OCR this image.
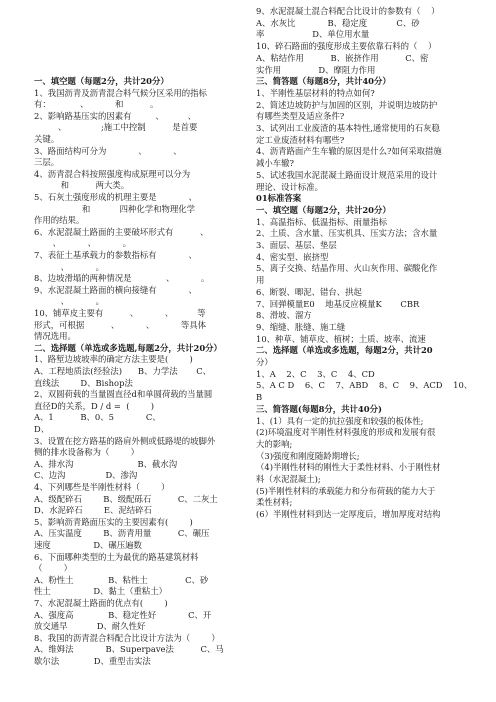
一、填空题（每题2分，共计20分）
1、我国沥青及沥青混合料气候分区采用的指标
有：           、          和          。
2、影响路基压实的因素有         、         、
、             ;施工中控制          是首要
关键。
3、路面结构可分为            、          、
三层。
4、沥青混合料按照强度构成原理可以分为
和          两大类。
5、石灰土强度形成的机理主要是            、
和           四种化学和物理化学
作用的结果。
6、水泥混凝土路面的主要破坏形式有          、
、          、          。
7、表征土基承载力的参数指标有            、
、          。
8、边坡滑塌的两种情况是             、          。
9、水泥混凝土路面的横向接缝有            、
、          。
10、铺草皮主要有          、          、         等
形式，可根据          、          、          等具体
情况选用。
二、选择题（单选或多选题,每题2分，共计20分）
1、路堑边坡坡率的确定方法主要是(        )
A、工程地质法(经验法)      B、力学法       C、
直线法        D、Bishop法
2、双圆荷载的当量圆直径d和单圆荷载的当量圆
直径D的关系，D / d =  (        )
A、1          B、0、5            C、
D、
3、设置在挖方路基的路肩外侧或低路堤的坡脚外
侧的排水设备称为（        ）
A、排水沟                        B、截水沟
C、边沟               D、渗沟
4、下列哪些是半刚性材料（        ）
A、级配碎石        B、级配砾石          C、二灰土
D、水泥碎石        E、泥结碎石
5、影响沥青路面压实的主要因素有(        )
A、压实温度        B、沥青用量          C、碾压
速度                D、碾压遍数
6、下面哪种类型的土为最优的路基建筑材料
（        ）
A、粉性土             B、粘性土              C、砂
性土                D、黏土（重粘土）
7、水泥混凝土路面的优点有(        )
A、强度高             B、稳定性好            C、开
放交通早           D、耐久性好
8、我国的沥青混合料配合比设计方法为（        ）
A、维姆法            B、Superpave法          C、马
歇尔法             D、重型击实法
9、水泥混凝土混合料配合比设计的参数有（    ）
A、水灰比            B、稳定度           C、砂
率                  D、单位用水量
10、碎石路面的强度形成主要依靠石料的（    ）
A、粘结作用          B、嵌挤作用          C、密
实作用              D、摩阻力作用
三、简答题（每题8分，共计40分）
1、半刚性基层材料的特点如何?
2、简述边坡防护与加固的区别，并说明边坡防护
有哪些类型及适应条件?
3、试列出工业废渣的基本特性,通常使用的石灰稳
定工业废渣材料有哪些?
4、沥青路面产生车辙的原因是什么?如何采取措施
减小车辙?
5、试述我国水泥混凝土路面设计规范采用的设计
理论、设计标准。
01标准答案
一、填空题（每题2分，共计20分）
1、高温指标、低温指标、雨量指标
2、土质、含水量、压实机具、压实方法；含水量
3、面层、基层、垫层
4、密实型、嵌挤型
5、离子交换、结晶作用、火山灰作用、碳酸化作
用
6、断裂、唧泥、错台、拱起
7、回弹模量E0    地基反应模量K       CBR
8、滑坡、溜方
9、缩缝、胀缝、施工缝
10、种草、铺草皮、植树；土质、坡率、流速
二、选择题（单选或多选题，每题2分，共计20
分）
1、A    2、C    3、C    4、CD
5、A C D    6、C    7、ABD    8、C    9、ACD    10、
B
三、简答题(每题8分，共计40分)
1、(1）具有一定的抗拉强度和较强的板体性;
(2)环境温度对半刚性材料强度的形成和发展有很
大的影响;
（3)强度和刚度随龄期增长;
（4)半刚性材料的刚性大于柔性材料、小于刚性材
料（水泥混凝土);
(5)半刚性材料的承载能力和分布荷载的能力大于
柔性材料;
(6）半刚性材料到达一定厚度后，增加厚度对结构
